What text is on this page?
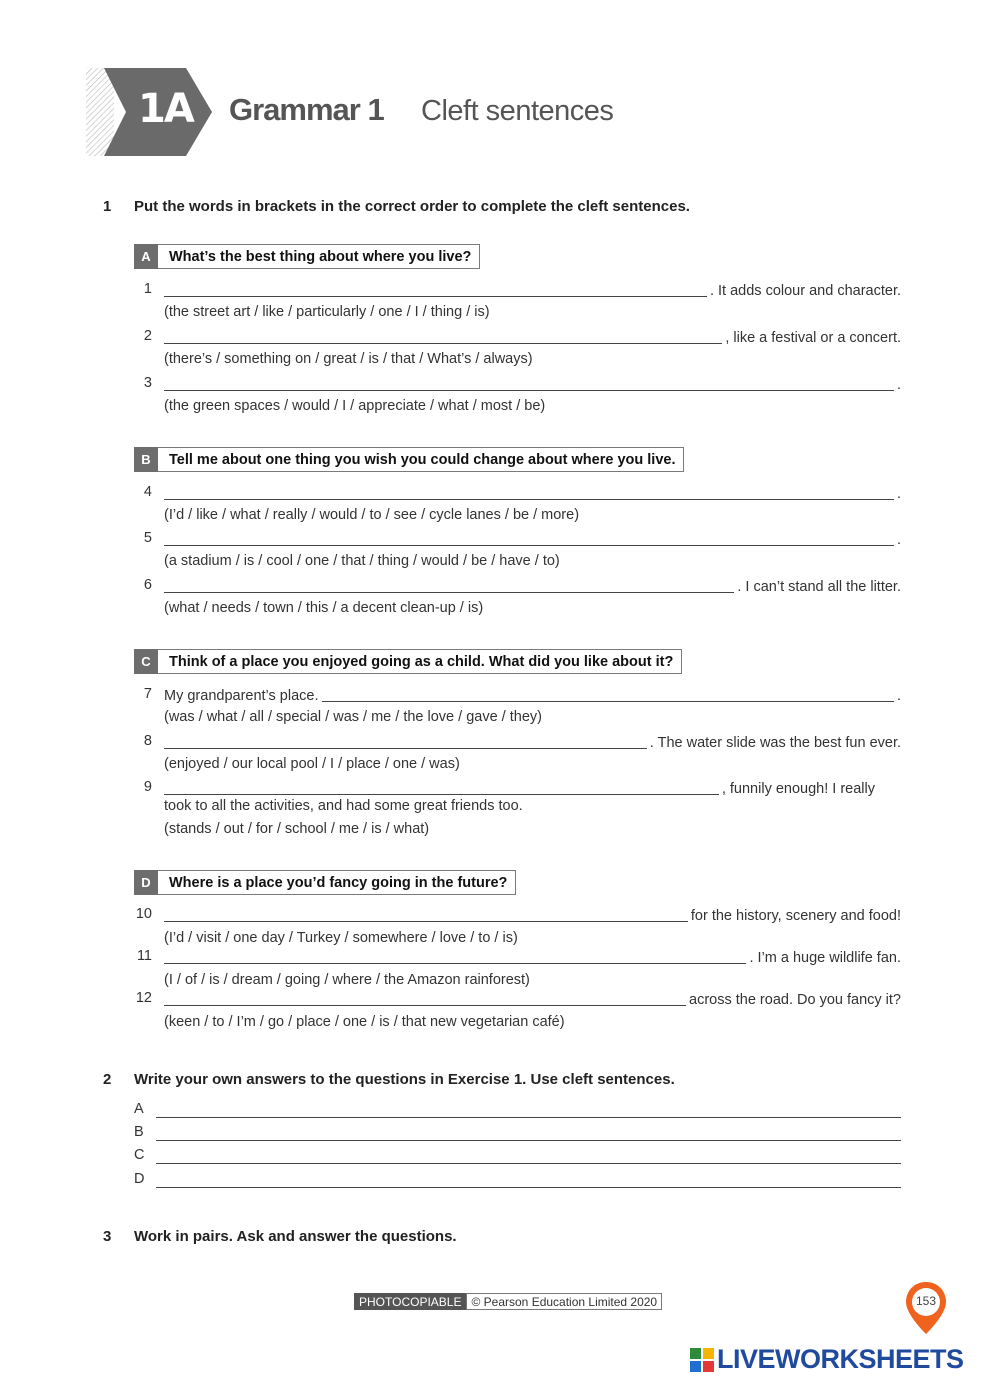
1A Grammar 1 Cleft sentences
1 Put the words in brackets in the correct order to complete the cleft sentences.
A	What’s the best thing about where you live?
1	. It adds colour and character.
(the street art / like / particularly / one / I / thing / is)
2	, like a festival or a concert.
(there’s / something on / great / is / that / What’s / always)
3	.
(the green spaces / would / I / appreciate / what / most / be)
B	Tell me about one thing you wish you could change about where you live.
4	.
(I’d / like / what / really / would / to / see / cycle lanes / be / more)
5	.
(a stadium / is / cool / one / that / thing / would / be / have / to)
6	. I can’t stand all the litter.
(what / needs / town / this / a decent clean-up / is)
C	Think of a place you enjoyed going as a child. What did you like about it?
7 My grandparent’s place.	.
(was / what / all / special / was / me / the love / gave / they)
8	. The water slide was the best fun ever.
(enjoyed / our local pool / I / place / one / was)
9	, funnily enough! I really
took to all the activities, and had some great friends too.
(stands / out / for / school / me / is / what)
D	Where is a place you’d fancy going in the future?
10	for the history, scenery and food!
(I’d / visit / one day / Turkey / somewhere / love / to / is)
11	. I’m a huge wildlife fan.
(I / of / is / dream / going / where / the Amazon rainforest)
12	across the road. Do you fancy it?
(keen / to / I’m / go / place / one / is / that new vegetarian café)
2 Write your own answers to the questions in Exercise 1. Use cleft sentences.
A
B
C
D
3 Work in pairs. Ask and answer the questions.
PHOTOCOPIABLE © Pearson Education Limited 2020	153
LIVEWORKSHEETS
